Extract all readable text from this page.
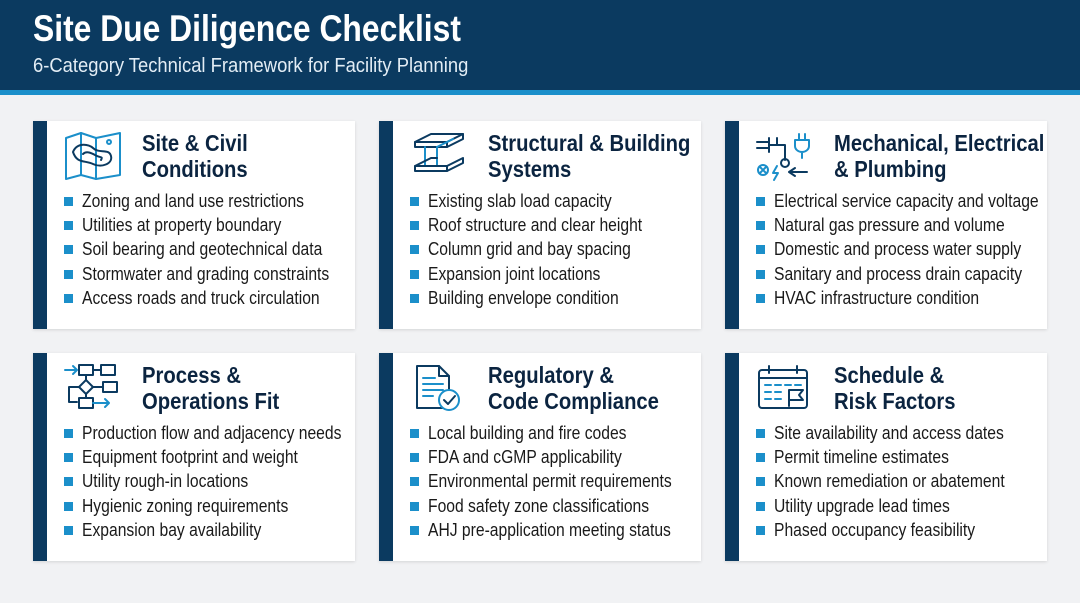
Site Due Diligence Checklist
6-Category Technical Framework for Facility Planning
Site & Civil
Conditions
Zoning and land use restrictions
Utilities at property boundary
Soil bearing and geotechnical data
Stormwater and grading constraints
Access roads and truck circulation
Structural & Building
Systems
Existing slab load capacity
Roof structure and clear height
Column grid and bay spacing
Expansion joint locations
Building envelope condition
Mechanical, Electrical
& Plumbing
Electrical service capacity and voltage
Natural gas pressure and volume
Domestic and process water supply
Sanitary and process drain capacity
HVAC infrastructure condition
Process &
Operations Fit
Production flow and adjacency needs
Equipment footprint and weight
Utility rough-in locations
Hygienic zoning requirements
Expansion bay availability
Regulatory &
Code Compliance
Local building and fire codes
FDA and cGMP applicability
Environmental permit requirements
Food safety zone classifications
AHJ pre-application meeting status
Schedule &
Risk Factors
Site availability and access dates
Permit timeline estimates
Known remediation or abatement
Utility upgrade lead times
Phased occupancy feasibility
